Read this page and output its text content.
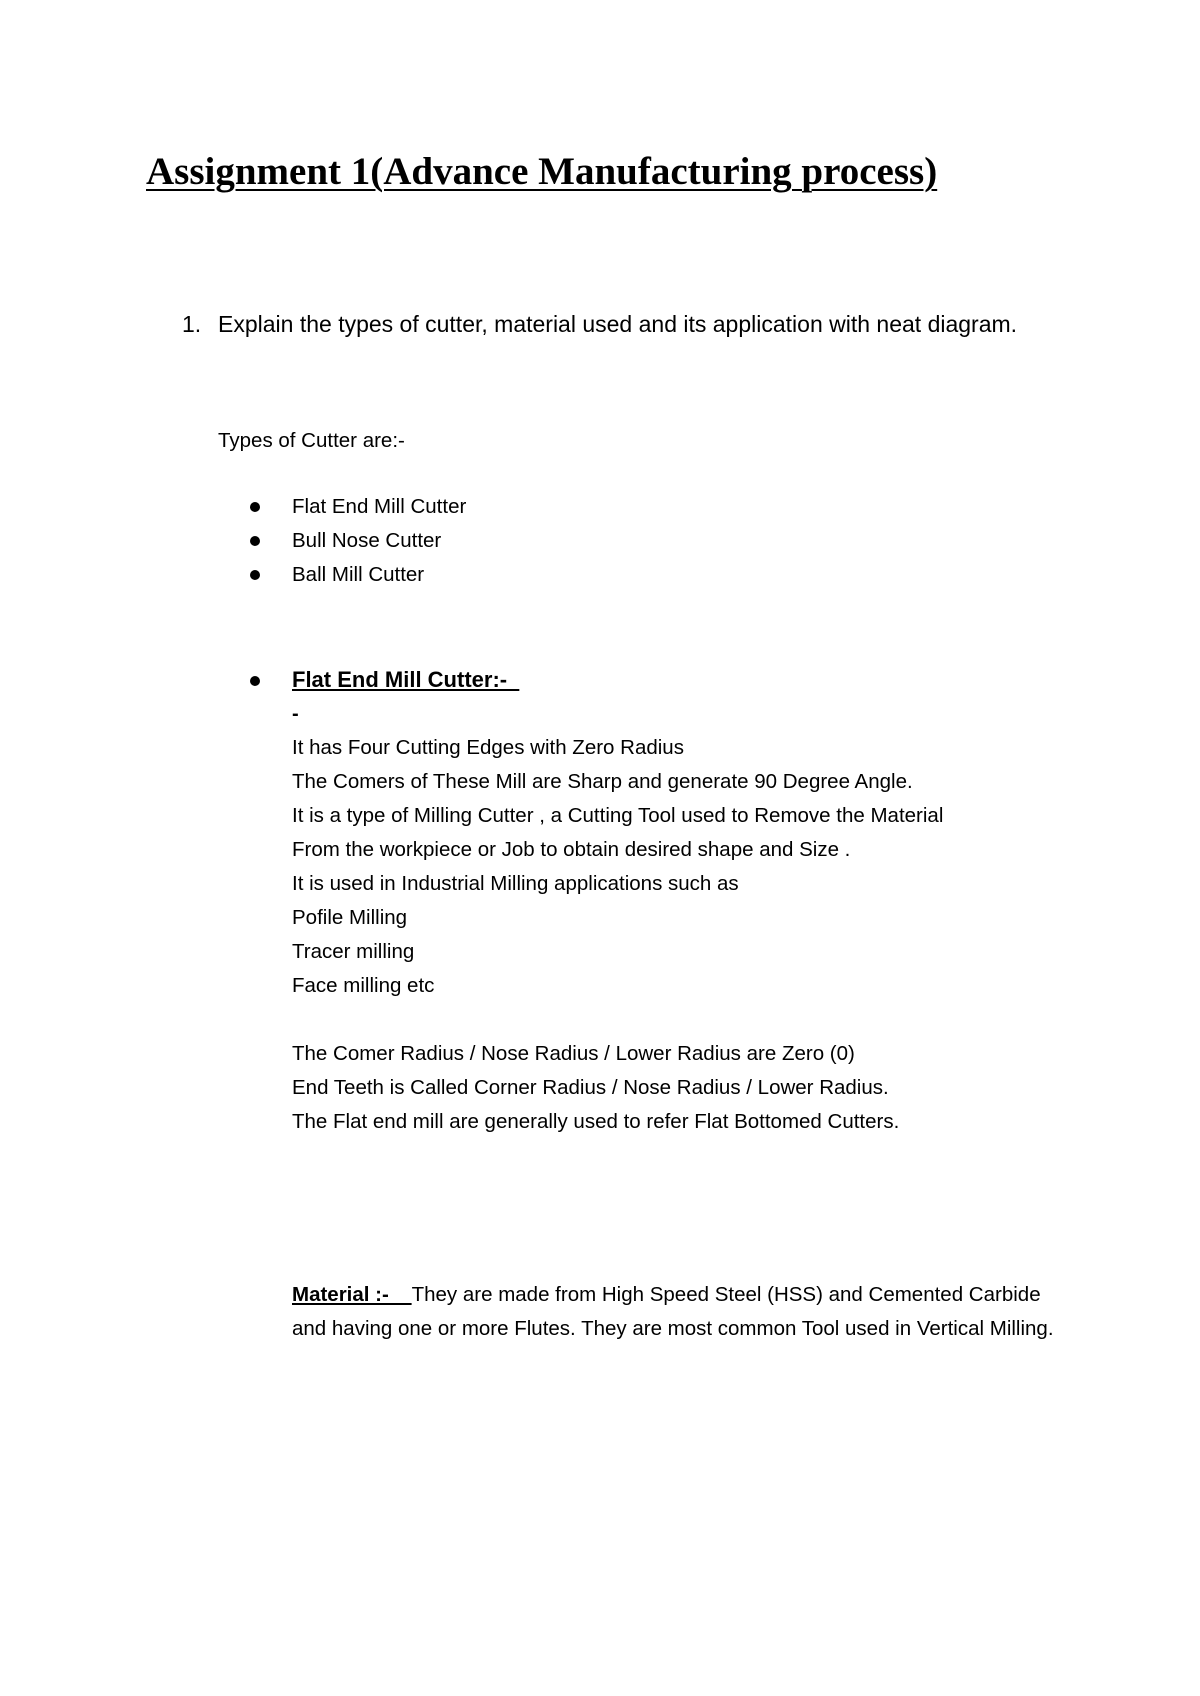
Assignment 1(Advance Manufacturing process)
1. Explain the types of cutter, material used and its application with neat diagram.
Types of Cutter are:-
Flat End Mill Cutter
Bull Nose Cutter
Ball Mill Cutter
Flat End Mill Cutter:-
-
It has Four Cutting Edges with Zero Radius
The Comers of These Mill are Sharp and generate 90 Degree Angle.
It is a type of Milling Cutter , a Cutting Tool used to Remove the Material
From the workpiece or Job to obtain desired shape and Size .
It is used in Industrial Milling applications such as
Pofile Milling
Tracer milling
Face milling etc
The Comer Radius / Nose Radius / Lower Radius are Zero (0)
End Teeth is Called Corner Radius / Nose Radius / Lower Radius.
The Flat end mill are generally used to refer Flat Bottomed Cutters.
Material :-    They are made from High Speed Steel (HSS) and Cemented Carbide and having one or more Flutes. They are most common Tool used in Vertical Milling.
